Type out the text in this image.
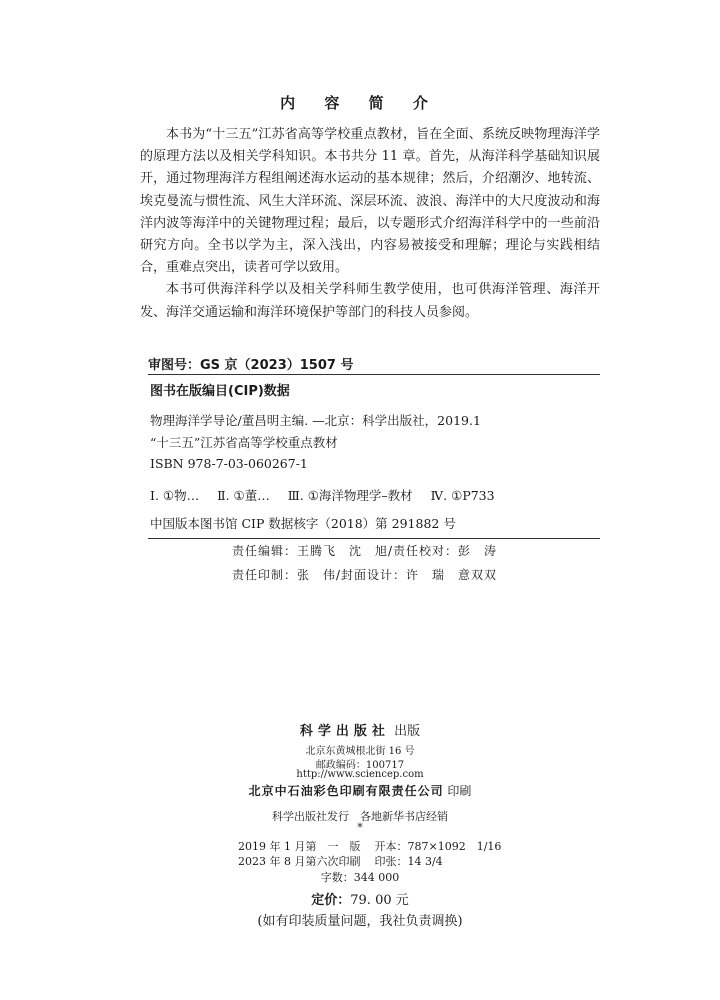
内 容 简 介

本书为“十三五”江苏省高等学校重点教材，旨在全面、系统反映物理海洋学的原理方法以及相关学科知识。本书共分 11 章。首先，从海洋科学基础知识展开，通过物理海洋方程组阐述海水运动的基本规律；然后，介绍潮汐、地转流、埃克曼流与惯性流、风生大洋环流、深层环流、波浪、海洋中的大尺度波动和海洋内波等海洋中的关键物理过程；最后，以专题形式介绍海洋科学中的一些前沿研究方向。全书以学为主，深入浅出，内容易被接受和理解；理论与实践相结合，重难点突出，读者可学以致用。

本书可供海洋科学以及相关学科师生教学使用，也可供海洋管理、海洋开发、海洋交通运输和海洋环境保护等部门的科技人员参阅。

审图号：GS 京（2023）1507 号
图书在版编目(CIP)数据
物理海洋学导论/董昌明主编. —北京：科学出版社，2019.1
“十三五”江苏省高等学校重点教材
ISBN 978-7-03-060267-1
Ⅰ. ①物… Ⅱ. ①董… Ⅲ. ①海洋物理学–教材 Ⅳ. ①P733
中国版本图书馆 CIP 数据核字（2018）第 291882 号
责任编辑：王腾飞　沈　旭/责任校对：彭　涛
责任印制：张　伟/封面设计：许　瑞　意双双
科学出版社 出版
北京东黄城根北街 16 号
邮政编码：100717
http://www.sciencep.com
北京中石油彩色印刷有限责任公司 印刷
科学出版社发行　各地新华书店经销
*
2019 年 1 月第　一　版 开本：787×1092　1/16
2023 年 8 月第六次印刷 印张：14 3/4
字数：344 000
定价：79. 00 元
(如有印装质量问题，我社负责调换)
